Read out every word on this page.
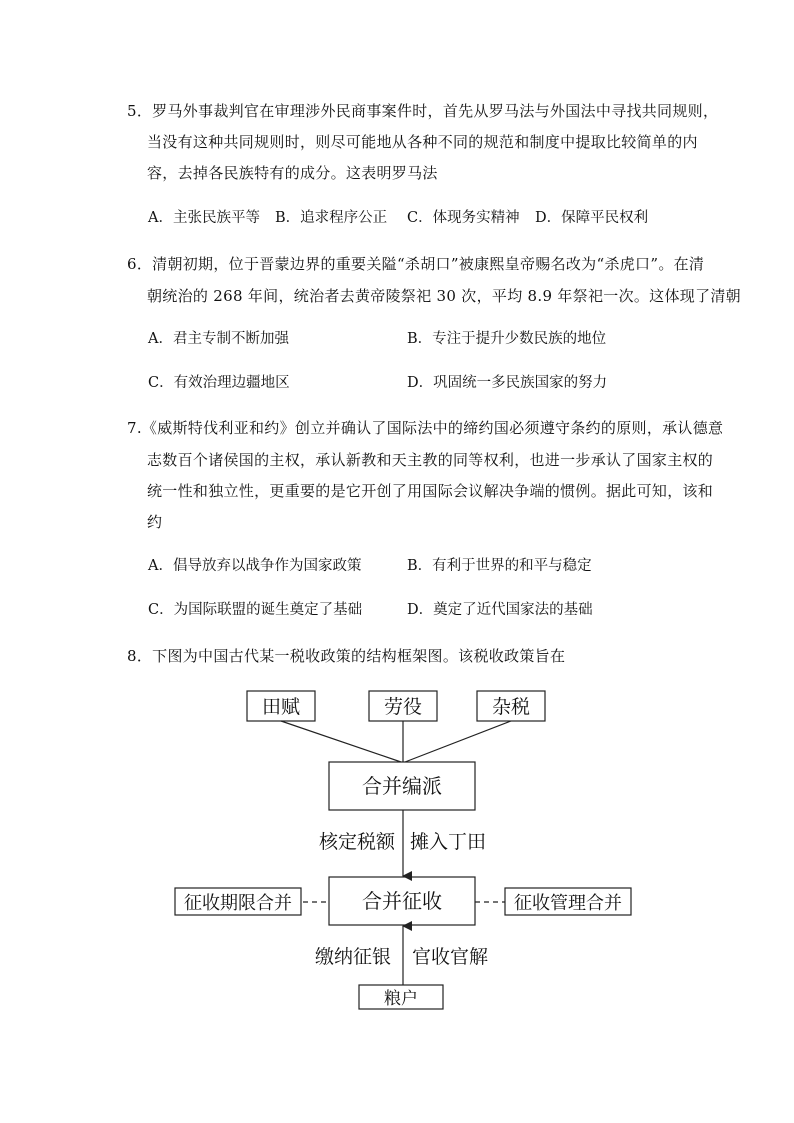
5．罗马外事裁判官在审理涉外民商事案件时，首先从罗马法与外国法中寻找共同规则，
当没有这种共同规则时，则尽可能地从各种不同的规范和制度中提取比较简单的内
容，去掉各民族特有的成分。这表明罗马法
A．主张民族平等 B．追求程序公正 C．体现务实精神 D．保障平民权利
6．清朝初期，位于晋蒙边界的重要关隘“杀胡口”被康熙皇帝赐名改为“杀虎口”。在清
朝统治的 268 年间，统治者去黄帝陵祭祀 30 次，平均 8.9 年祭祀一次。这体现了清朝
A．君主专制不断加强	B．专注于提升少数民族的地位
C．有效治理边疆地区	D．巩固统一多民族国家的努力
7.《威斯特伐利亚和约》创立并确认了国际法中的缔约国必须遵守条约的原则，承认德意
志数百个诸侯国的主权，承认新教和天主教的同等权利，也进一步承认了国家主权的
统一性和独立性，更重要的是它开创了用国际会议解决争端的惯例。据此可知，该和
约
A．倡导放弃以战争作为国家政策	B．有利于世界的和平与稳定
C．为国际联盟的诞生奠定了基础	D．奠定了近代国家法的基础
8．下图为中国古代某一税收政策的结构框架图。该税收政策旨在
田赋	劳役	杂税
合并编派
核定税额 摊入丁田
合并征收
征收期限合并	征收管理合并
缴纳征银 官收官解
粮户
